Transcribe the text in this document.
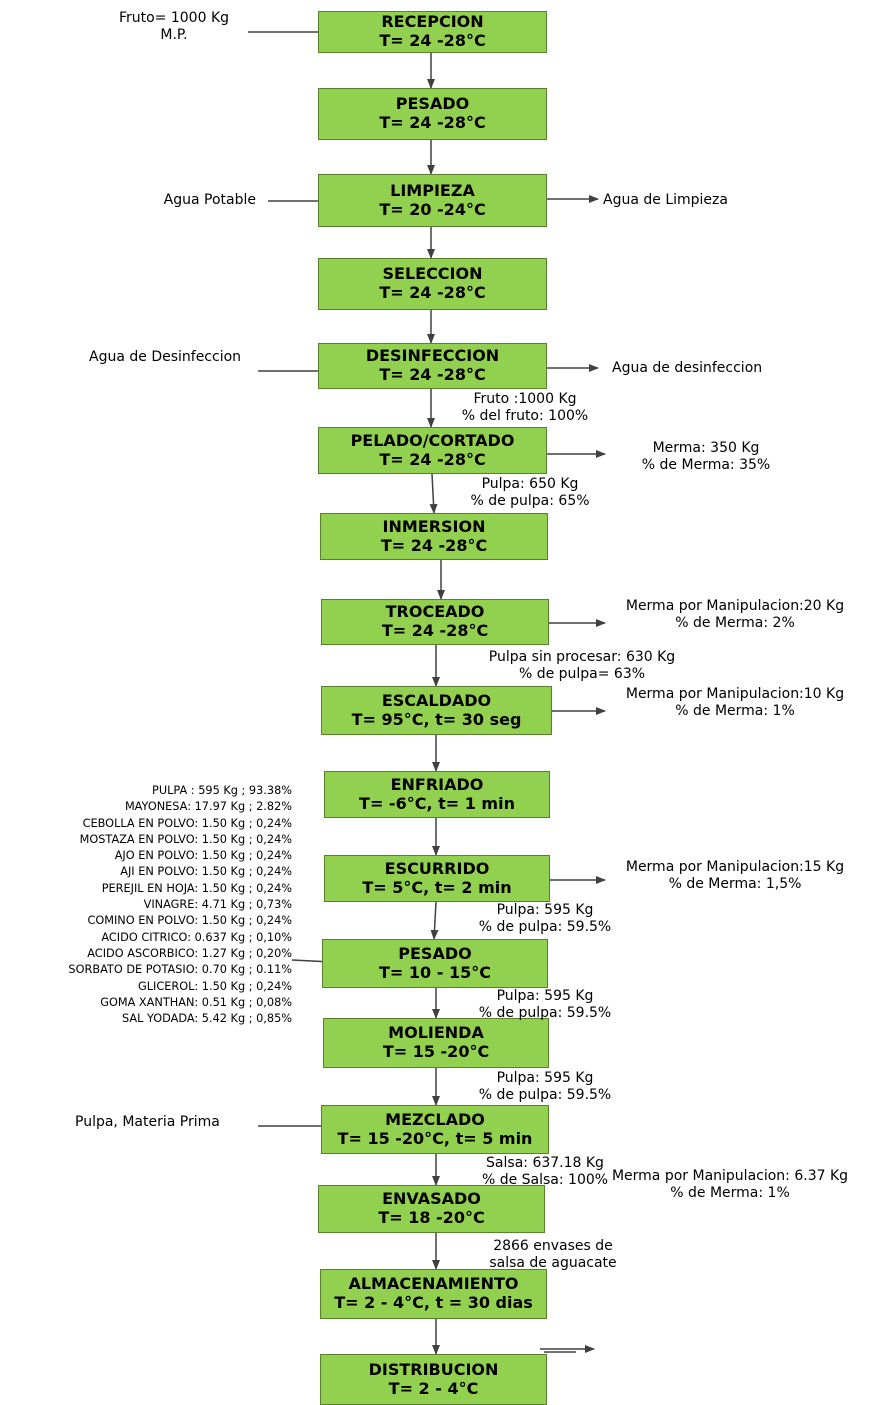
RECEPCION
T= 24 -28°C
PESADO
T= 24 -28°C
LIMPIEZA
T= 20 -24°C
SELECCION
T= 24 -28°C
DESINFECCION
T= 24 -28°C
PELADO/CORTADO
T= 24 -28°C
INMERSION
T= 24 -28°C
TROCEADO
T= 24 -28°C
ESCALDADO
T= 95°C, t= 30 seg
ENFRIADO
T= -6°C, t= 1 min
ESCURRIDO
T= 5°C, t= 2 min
PESADO
T= 10 - 15°C
MOLIENDA
T= 15 -20°C
MEZCLADO
T= 15 -20°C, t= 5 min
ENVASADO
T= 18 -20°C
ALMACENAMIENTO
T= 2 - 4°C, t = 30 dias
DISTRIBUCION
T= 2 - 4°C
Fruto= 1000 Kg
M.P.
Agua Potable
Agua de Desinfeccion
Pulpa, Materia Prima
Agua de Limpieza
Agua de desinfeccion
Merma: 350 Kg
% de Merma: 35%
Merma por Manipulacion:20 Kg
% de Merma: 2%
Merma por Manipulacion:10 Kg
% de Merma: 1%
Merma por Manipulacion:15 Kg
% de Merma: 1,5%
Merma por Manipulacion: 6.37 Kg
% de Merma: 1%
Fruto :1000 Kg
% del fruto: 100%
Pulpa: 650 Kg
% de pulpa: 65%
Pulpa sin procesar: 630 Kg
% de pulpa= 63%
Pulpa: 595 Kg
% de pulpa: 59.5%
Pulpa: 595 Kg
% de pulpa: 59.5%
Pulpa: 595 Kg
% de pulpa: 59.5%
Salsa: 637.18 Kg
% de Salsa: 100%
2866 envases de
salsa de aguacate
PULPA : 595 Kg ; 93.38%
MAYONESA: 17.97 Kg ; 2.82%
CEBOLLA EN POLVO: 1.50 Kg ; 0,24%
MOSTAZA EN POLVO: 1.50 Kg ; 0,24%
AJO EN POLVO: 1.50 Kg ; 0,24%
AJI EN POLVO: 1.50 Kg ; 0,24%
PEREJIL EN HOJA: 1.50 Kg ; 0,24%
VINAGRE: 4.71 Kg ; 0,73%
COMINO EN POLVO: 1.50 Kg ; 0,24%
ACIDO CITRICO: 0.637 Kg ; 0,10%
ACIDO ASCORBICO: 1.27 Kg ; 0,20%
SORBATO DE POTASIO: 0.70 Kg ; 0.11%
GLICEROL: 1.50 Kg ; 0,24%
GOMA XANTHAN: 0.51 Kg ; 0,08%
SAL YODADA: 5.42 Kg ; 0,85%
